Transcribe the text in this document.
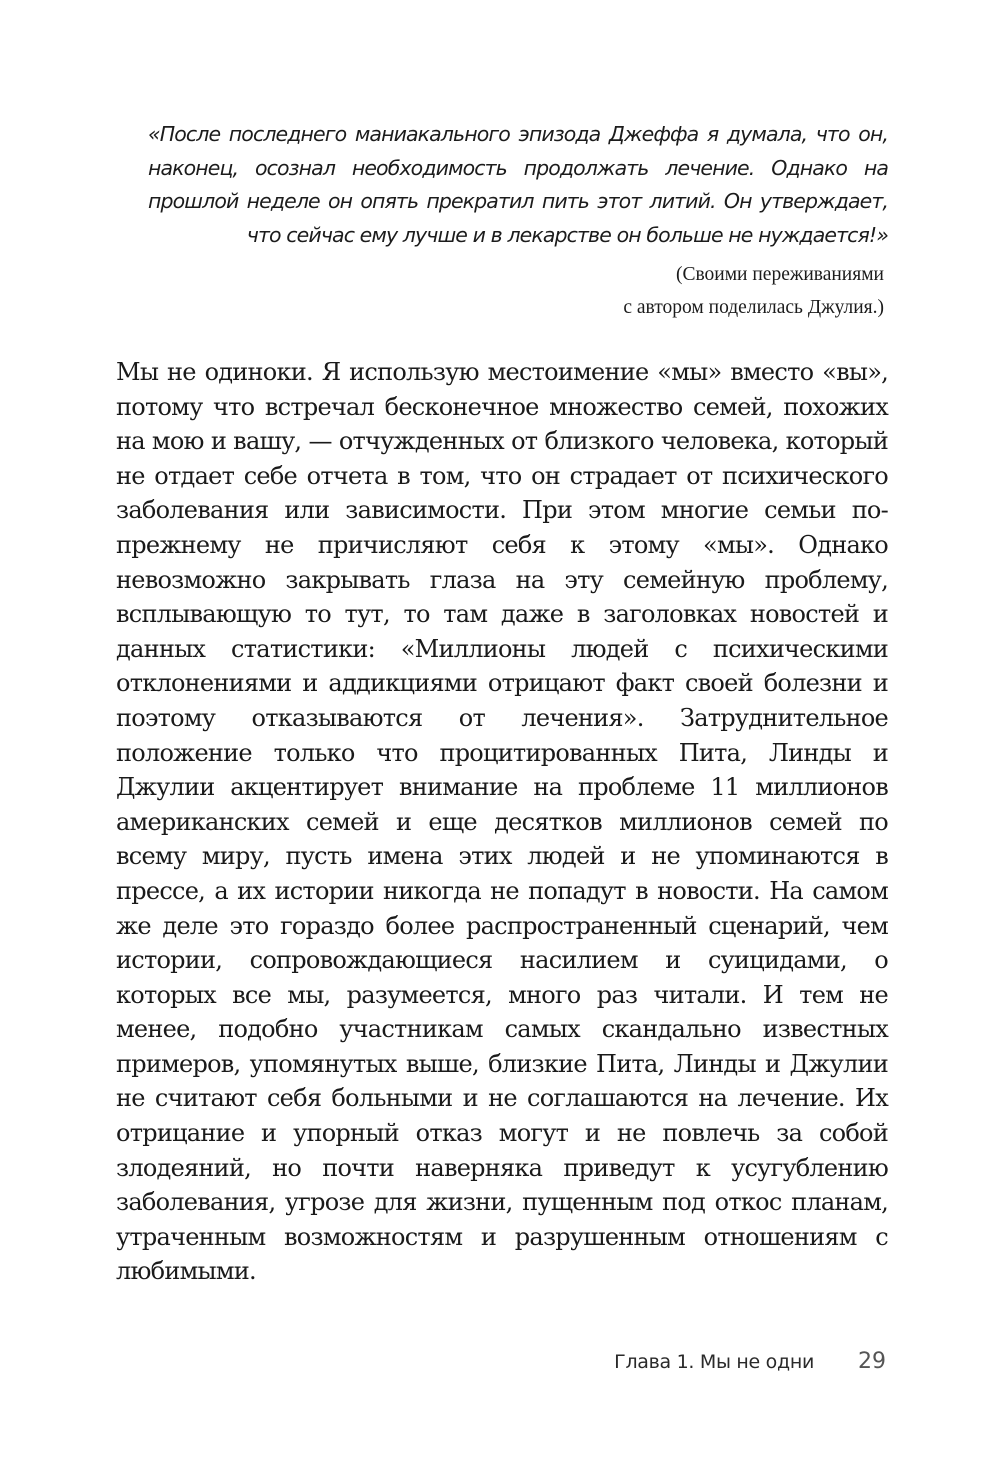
«После последнего маниакального эпизода Джеффа я думала, что он, наконец, осознал необходимость продолжать лечение. Однако на прошлой неделе он опять прекратил пить этот литий. Он утверждает, что сейчас ему лучше и в лекарстве он больше не нуждается!»
(Своими переживаниями
с автором поделилась Джулия.)
Мы не одиноки. Я использую местоимение «мы» вместо «вы», потому что встречал бесконечное множество семей, похожих на мою и вашу, — отчужденных от близкого человека, который не отдает себе отчета в том, что он страдает от психического заболевания или зависимости. При этом многие семьи по-прежнему не причисляют себя к этому «мы». Однако невозможно закрывать глаза на эту семейную проблему, всплывающую то тут, то там даже в заголовках новостей и данных статистики: «Миллионы людей с психическими отклонениями и аддикциями отрицают факт своей болезни и поэтому отказываются от лечения». Затруднительное положение только что процитированных Пита, Линды и Джулии акцентирует внимание на проблеме 11 миллионов американских семей и еще десятков миллионов семей по всему миру, пусть имена этих людей и не упоминаются в прессе, а их истории никогда не попадут в новости. На самом же деле это гораздо более распространенный сценарий, чем истории, сопровождающиеся насилием и суицидами, о которых все мы, разумеется, много раз читали. И тем не менее, подобно участникам самых скандально известных примеров, упомянутых выше, близкие Пита, Линды и Джулии не считают себя больными и не соглашаются на лечение. Их отрицание и упорный отказ могут и не повлечь за собой злодеяний, но почти наверняка приведут к усугублению заболевания, угрозе для жизни, пущенным под откос планам, утраченным возможностям и разрушенным отношениям с любимыми.
Глава 1. Мы не одни 29
